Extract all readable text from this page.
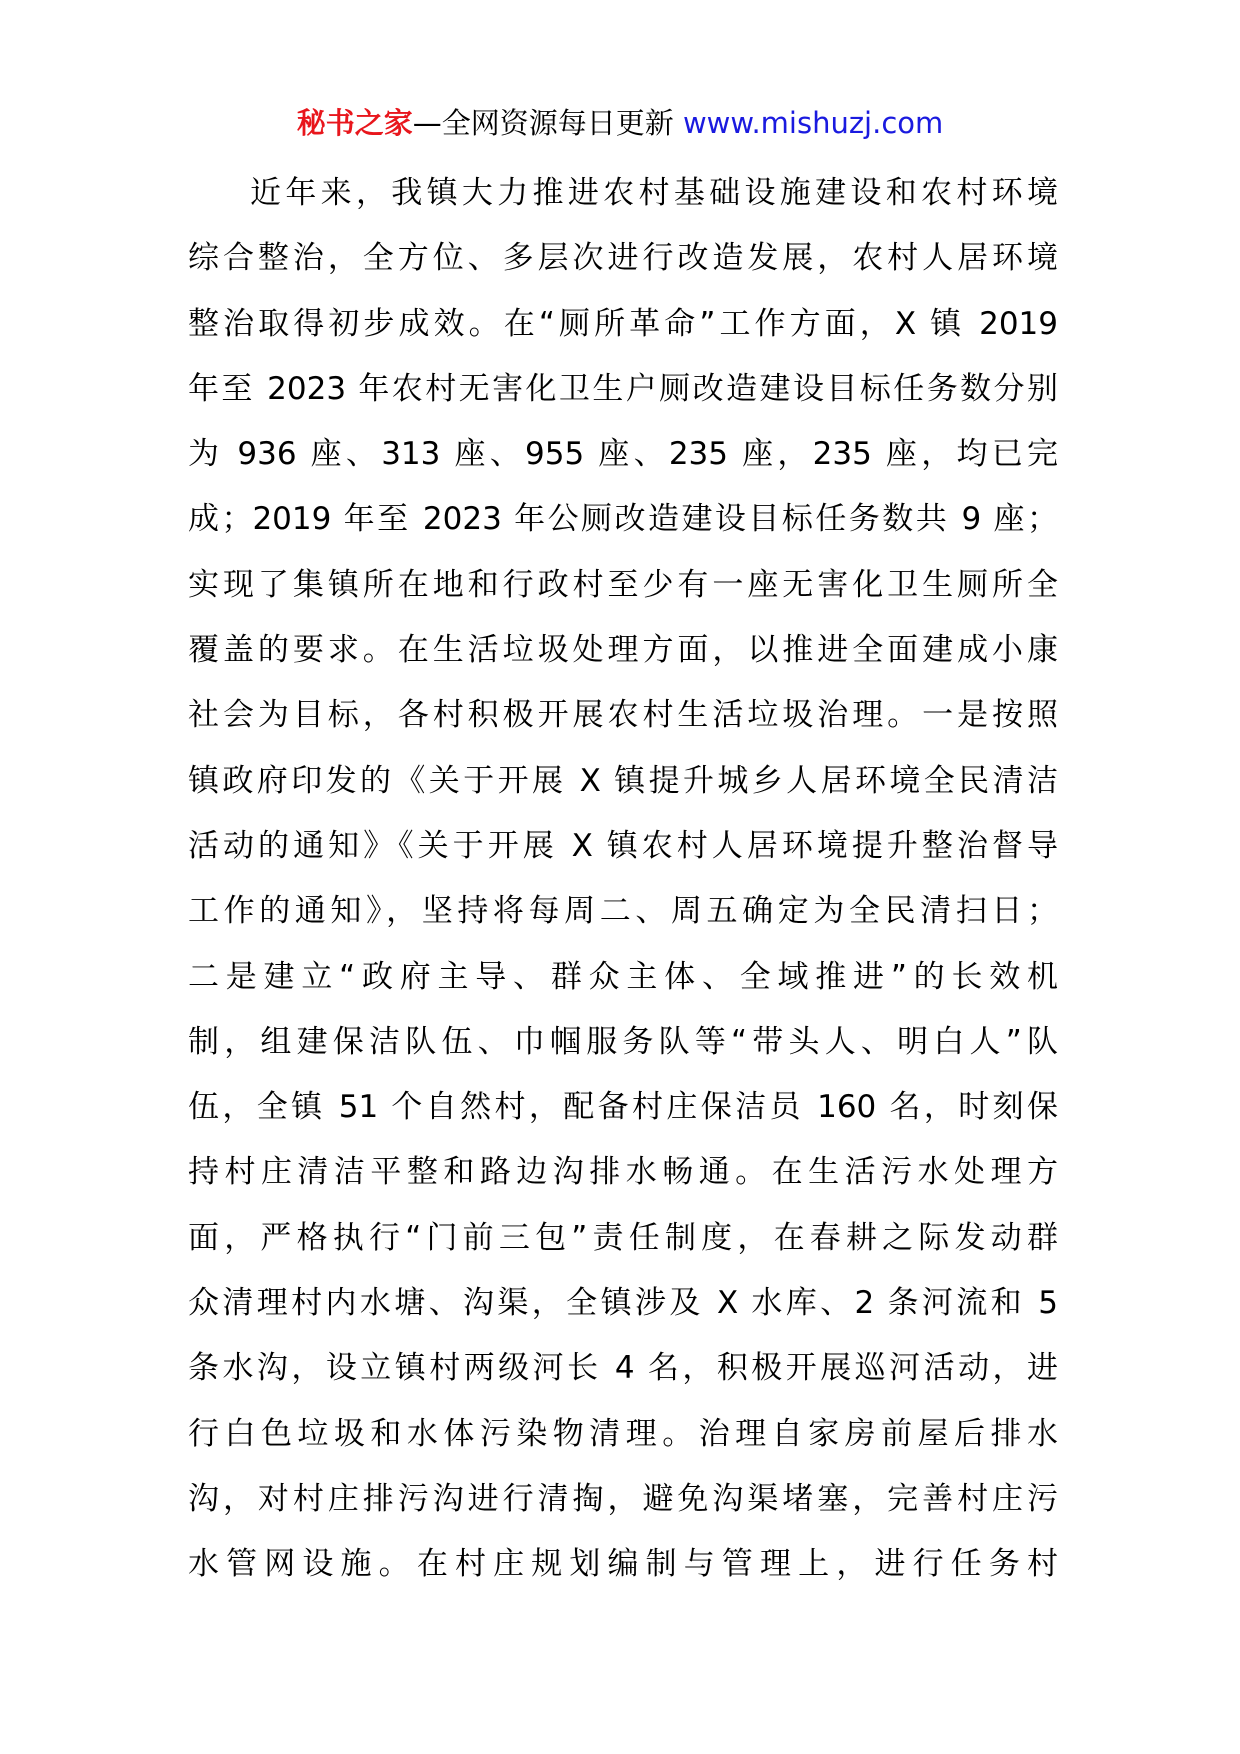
秘书之家—全网资源每日更新 www.mishuzj.com
近年来，我镇大力推进农村基础设施建设和农村环境
综合整治，全方位、多层次进行改造发展，农村人居环境
整治取得初步成效。在“厕所革命”工作方面，X 镇 2019
年至 2023 年农村无害化卫生户厕改造建设目标任务数分别
为 936 座、313 座、955 座、235 座，235 座，均已完
成；2019 年至 2023 年公厕改造建设目标任务数共 9 座；
实现了集镇所在地和行政村至少有一座无害化卫生厕所全
覆盖的要求。在生活垃圾处理方面，以推进全面建成小康
社会为目标，各村积极开展农村生活垃圾治理。一是按照
镇政府印发的《关于开展 X 镇提升城乡人居环境全民清洁
活动的通知》《关于开展 X 镇农村人居环境提升整治督导
工作的通知》，坚持将每周二、周五确定为全民清扫日；
二是建立“政府主导、群众主体、全域推进”的长效机
制，组建保洁队伍、巾帼服务队等“带头人、明白人”队
伍，全镇 51 个自然村，配备村庄保洁员 160 名，时刻保
持村庄清洁平整和路边沟排水畅通。在生活污水处理方
面，严格执行“门前三包”责任制度，在春耕之际发动群
众清理村内水塘、沟渠，全镇涉及 X 水库、2 条河流和 5
条水沟，设立镇村两级河长 4 名，积极开展巡河活动，进
行白色垃圾和水体污染物清理。治理自家房前屋后排水
沟，对村庄排污沟进行清掏，避免沟渠堵塞，完善村庄污
水管网设施。在村庄规划编制与管理上，进行任务村
